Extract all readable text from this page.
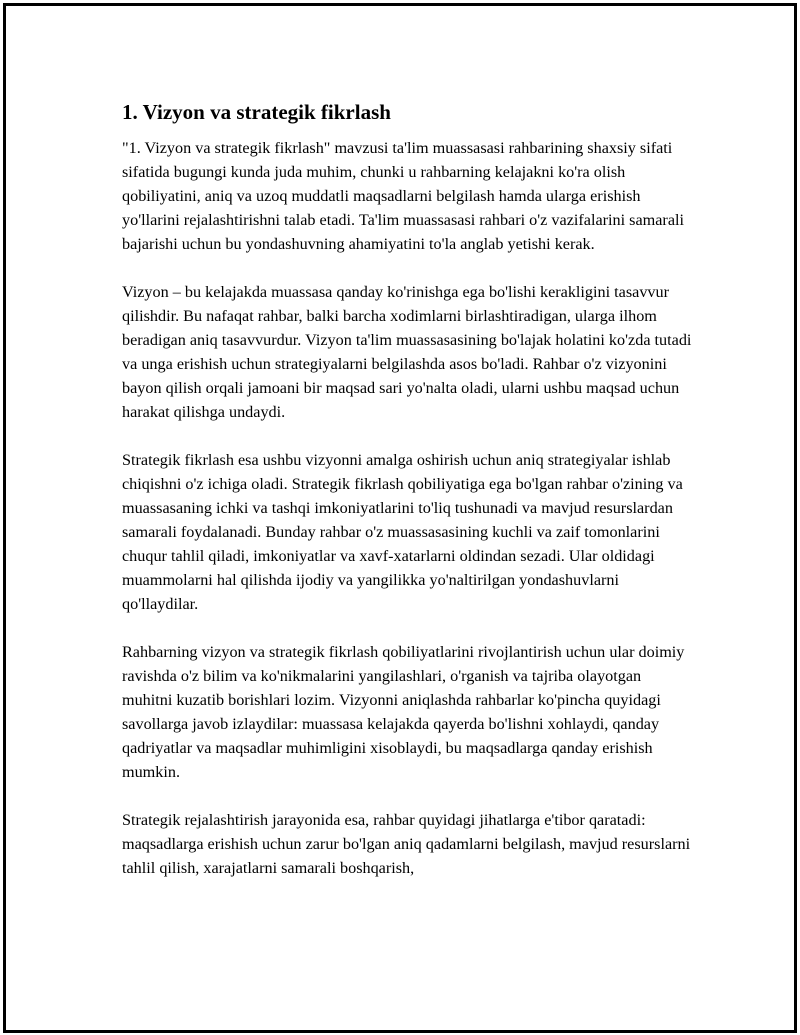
1. Vizyon va strategik fikrlash

"1. Vizyon va strategik fikrlash" mavzusi ta'lim muassasasi rahbarining shaxsiy sifati sifatida bugungi kunda juda muhim, chunki u rahbarning kelajakni ko'ra olish qobiliyatini, aniq va uzoq muddatli maqsadlarni belgilash hamda ularga erishish yo'llarini rejalashtirishni talab etadi. Ta'lim muassasasi rahbari o'z vazifalarini samarali bajarishi uchun bu yondashuvning ahamiyatini to'la anglab yetishi kerak.

Vizyon – bu kelajakda muassasa qanday ko'rinishga ega bo'lishi kerakligini tasavvur qilishdir. Bu nafaqat rahbar, balki barcha xodimlarni birlashtiradigan, ularga ilhom beradigan aniq tasavvurdur. Vizyon ta'lim muassasasining bo'lajak holatini ko'zda tutadi va unga erishish uchun strategiyalarni belgilashda asos bo'ladi. Rahbar o'z vizyonini bayon qilish orqali jamoani bir maqsad sari yo'nalta oladi, ularni ushbu maqsad uchun harakat qilishga undaydi.

Strategik fikrlash esa ushbu vizyonni amalga oshirish uchun aniq strategiyalar ishlab chiqishni o'z ichiga oladi. Strategik fikrlash qobiliyatiga ega bo'lgan rahbar o'zining va muassasaning ichki va tashqi imkoniyatlarini to'liq tushunadi va mavjud resurslardan samarali foydalanadi. Bunday rahbar o'z muassasasining kuchli va zaif tomonlarini chuqur tahlil qiladi, imkoniyatlar va xavf-xatarlarni oldindan sezadi. Ular oldidagi muammolarni hal qilishda ijodiy va yangilikka yo'naltirilgan yondashuvlarni qo'llaydilar.

Rahbarning vizyon va strategik fikrlash qobiliyatlarini rivojlantirish uchun ular doimiy ravishda o'z bilim va ko'nikmalarini yangilashlari, o'rganish va tajriba olayotgan muhitni kuzatib borishlari lozim. Vizyonni aniqlashda rahbarlar ko'pincha quyidagi savollarga javob izlaydilar: muassasa kelajakda qayerda bo'lishni xohlaydi, qanday qadriyatlar va maqsadlar muhimligini xisoblaydi, bu maqsadlarga qanday erishish mumkin.

Strategik rejalashtirish jarayonida esa, rahbar quyidagi jihatlarga e'tibor qaratadi: maqsadlarga erishish uchun zarur bo'lgan aniq qadamlarni belgilash, mavjud resurslarni tahlil qilish, xarajatlarni samarali boshqarish,
